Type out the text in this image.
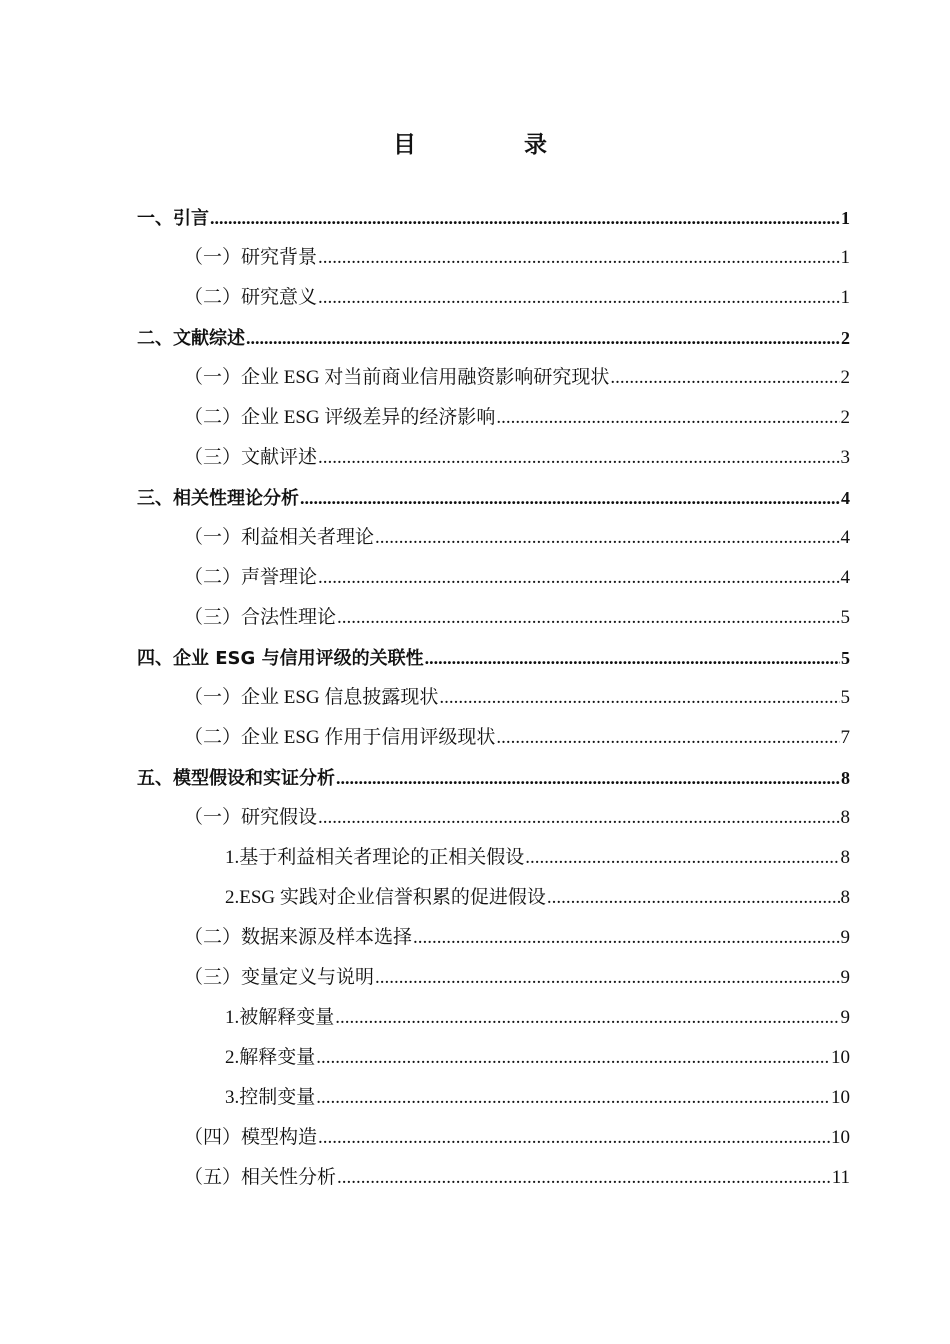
目 录
一、引言 .....	1
（一）研究背景 .....	1
（二）研究意义 .....	1
二、文献综述 .....	2
（一）企业 ESG 对当前商业信用融资影响研究现状 .....	2
（二）企业 ESG 评级差异的经济影响 .....	2
（三）文献评述 .....	3
三、相关性理论分析 .....	4
（一）利益相关者理论 .....	4
（二）声誉理论 .....	4
（三）合法性理论 .....	5
四、企业 ESG 与信用评级的关联性 .....	5
（一）企业 ESG 信息披露现状 .....	5
（二）企业 ESG 作用于信用评级现状 .....	7
五、模型假设和实证分析 .....	8
（一）研究假设 .....	8
1.基于利益相关者理论的正相关假设 .....	8
2.ESG 实践对企业信誉积累的促进假设 .....	8
（二）数据来源及样本选择 .....	9
（三）变量定义与说明 .....	9
1.被解释变量 .....	9
2.解释变量 .....	10
3.控制变量 .....	10
（四）模型构造 .....	10
（五）相关性分析 .....	11
